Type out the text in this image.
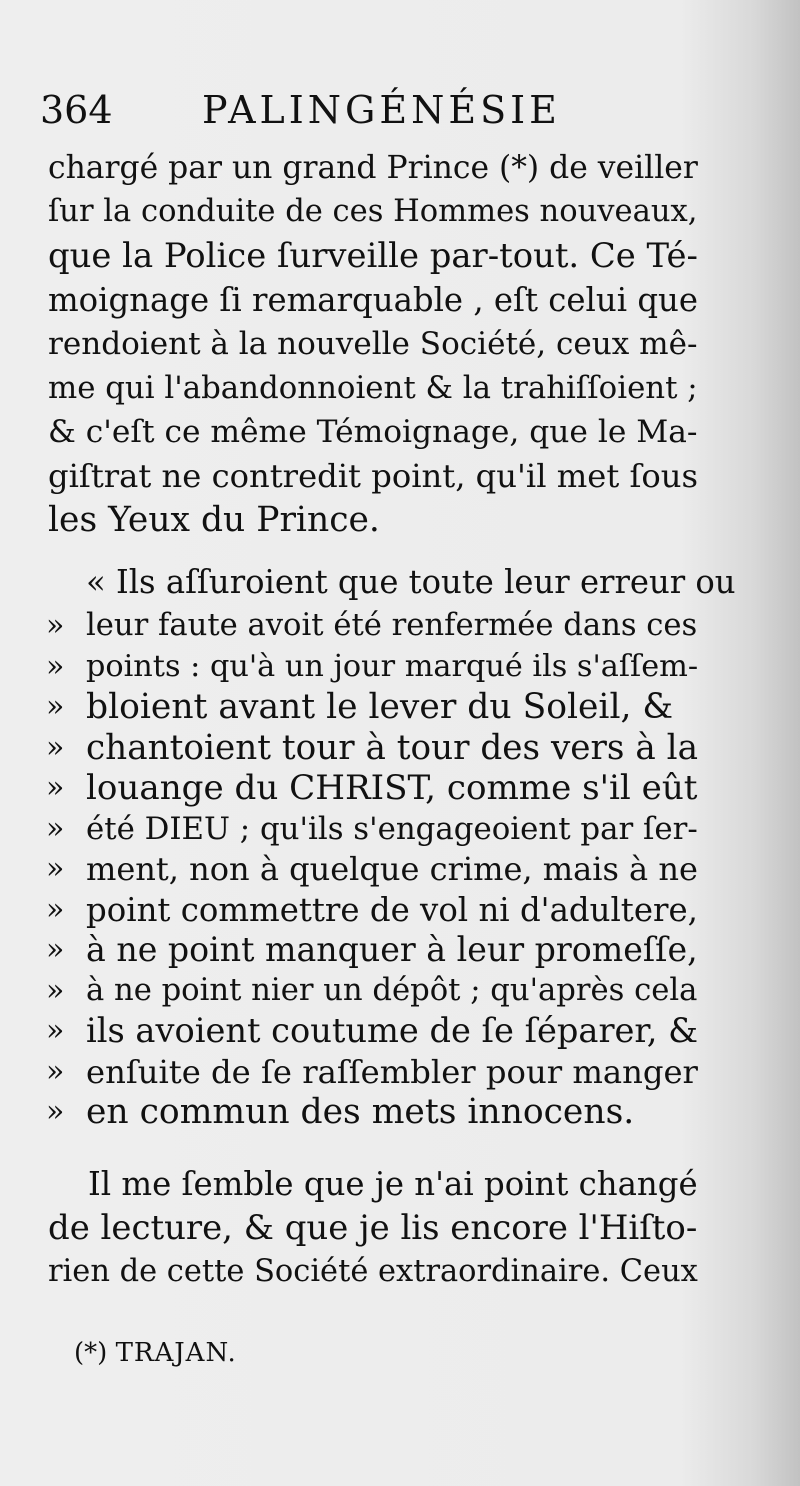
364 PALINGÉNÉSIE
chargé par un grand Prince (*) de veiller
ſur la conduite de ces Hommes nouveaux,
que la Police ſurveille par-tout. Ce Té-
moignage ſi remarquable , eſt celui que
rendoient à la nouvelle Société, ceux mê-
me qui l'abandonnoient & la trahiſſoient ;
& c'eſt ce même Témoignage, que le Ma-
giſtrat ne contredit point, qu'il met ſous
les Yeux du Prince.
« Ils aſſuroient que toute leur erreur ou
» leur faute avoit été renfermée dans ces
» points : qu'à un jour marqué ils s'aſſem-
» bloient avant le lever du Soleil, &
» chantoient tour à tour des vers à la
» louange du CHRIST, comme s'il eût
» été DIEU ; qu'ils s'engageoient par ſer-
» ment, non à quelque crime, mais à ne
» point commettre de vol ni d'adultere,
» à ne point manquer à leur promeſſe,
» à ne point nier un dépôt ; qu'après cela
» ils avoient coutume de ſe ſéparer, &
» enſuite de ſe raſſembler pour manger
» en commun des mets innocens.
Il me ſemble que je n'ai point changé
de lecture, & que je lis encore l'Hiſto-
rien de cette Société extraordinaire. Ceux
(*) TRAJAN.
